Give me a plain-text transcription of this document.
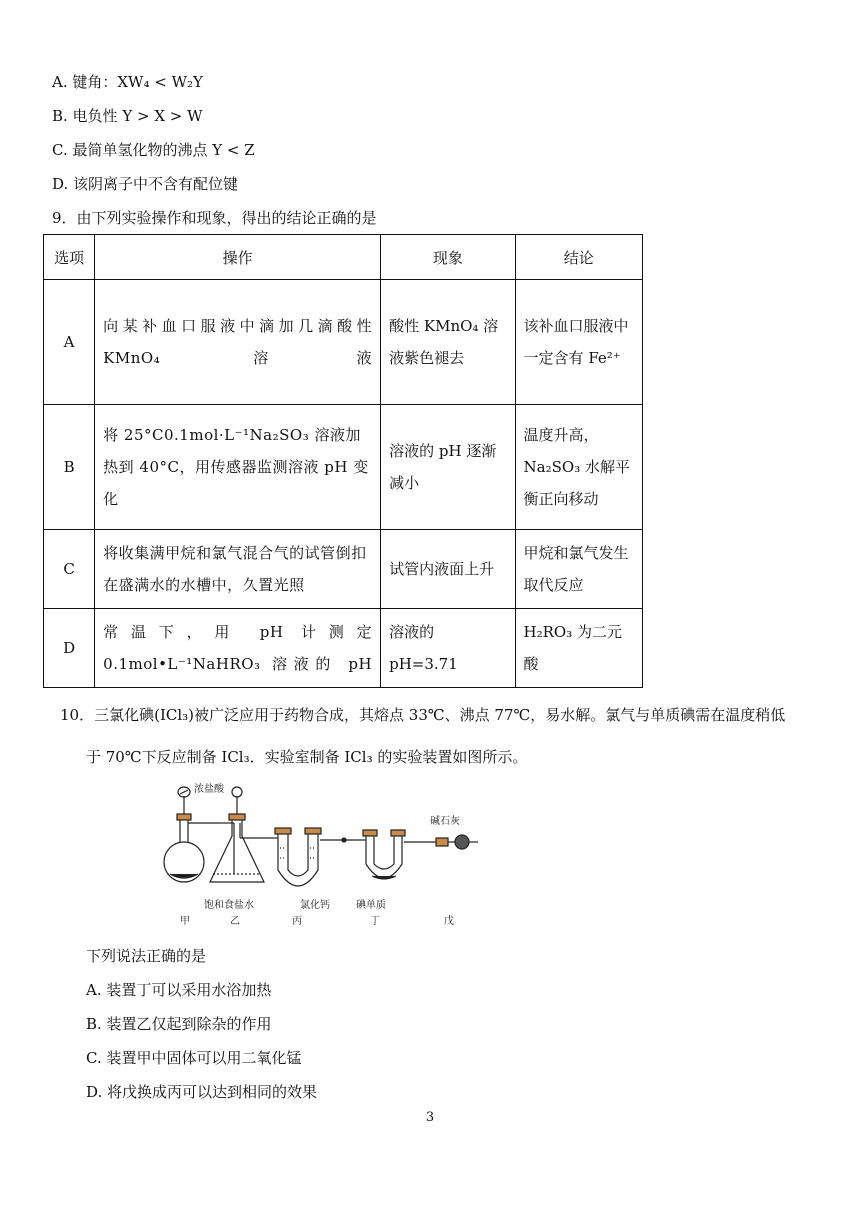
A. 键角：XW₄ < W₂Y
B. 电负性 Y > X > W
C. 最简单氢化物的沸点 Y < Z
D. 该阴离子中不含有配位键
9．由下列实验操作和现象，得出的结论正确的是
选项	操作	现象	结论
A	向某补血口服液中滴加几滴酸性 KMnO₄ 溶液	酸性 KMnO₄ 溶液紫色褪去	该补血口服液中一定含有 Fe²⁺
B	将 25°C0.1mol·L⁻¹Na₂SO₃ 溶液加热到 40°C，用传感器监测溶液 pH 变化	溶液的 pH 逐渐减小	温度升高，Na₂SO₃ 水解平衡正向移动
C	将收集满甲烷和氯气混合气的试管倒扣在盛满水的水槽中，久置光照	试管内液面上升	甲烷和氯气发生取代反应
D	常温下，用 pH 计测定 0.1mol•L⁻¹NaHRO₃ 溶液的 pH	溶液的 pH=3.71	H₂RO₃ 为二元酸
10．三氯化碘(ICl₃)被广泛应用于药物合成，其熔点 33℃、沸点 77℃，易水解。氯气与单质碘需在温度稍低
于 70℃下反应制备 ICl₃．实验室制备 ICl₃ 的实验装置如图所示。
浓盐酸
碱石灰
饱和食盐水	氯化钙	碘单质
甲	乙	丙	丁	戊
下列说法正确的是
A. 装置丁可以采用水浴加热
B. 装置乙仅起到除杂的作用
C. 装置甲中固体可以用二氧化锰
D. 将戊换成丙可以达到相同的效果
3
